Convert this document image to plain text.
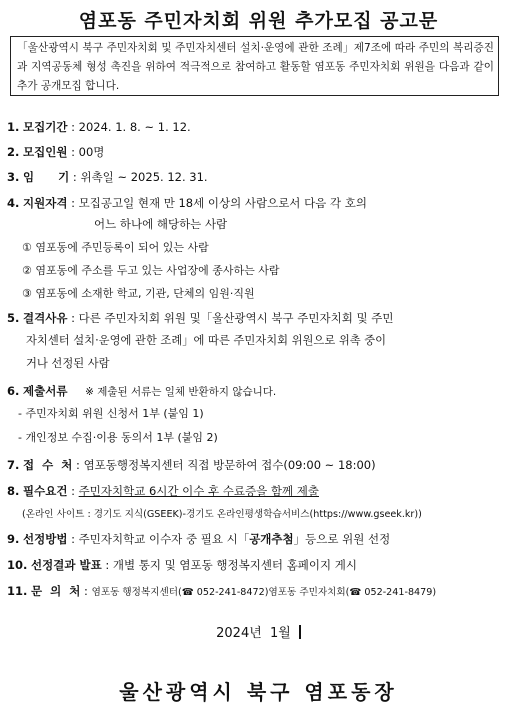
염포동 주민자치회 위원 추가모집 공고문
「울산광역시 북구 주민자치회 및 주민자치센터 설치·운영에 관한 조례」제7조에 따라 주민의 복리증진과 지역공동체 형성 촉진을 위하여 적극적으로 참여하고 활동할 염포동 주민자치회 위원을 다음과 같이 추가 공개모집 합니다.
1. 모집기간 : 2024. 1. 8. ~ 1. 12.
2. 모집인원 : 00명
3. 임      기 : 위촉일 ~ 2025. 12. 31.
4. 지원자격 : 모집공고일 현재 만 18세 이상의 사람으로서 다음 각 호의
어느 하나에 해당하는 사람
① 염포동에 주민등록이 되어 있는 사람
② 염포동에 주소를 두고 있는 사업장에 종사하는 사람
③ 염포동에 소재한 학교, 기관, 단체의 임원·직원
5. 결격사유 : 다른 주민자치회 위원 및「울산광역시 북구 주민자치회 및 주민
자치센터 설치·운영에 관한 조례」에 따른 주민자치회 위원으로 위촉 중이
거나 선정된 사람
6. 제출서류 ※ 제출된 서류는 일체 반환하지 않습니다.
- 주민자치회 위원 신청서 1부 (붙임 1)
- 개인정보 수집·이용 동의서 1부 (붙임 2)
7. 접  수  처 : 염포동행정복지센터 직접 방문하여 접수(09:00 ~ 18:00)
8. 필수요건 : 주민자치학교 6시간 이수 후 수료증을 함께 제출
(온라인 사이트 : 경기도 지식(GSEEK)-경기도 온라인평생학습서비스(https://www.gseek.kr))
9. 선정방법 : 주민자치학교 이수자 중 필요 시「공개추첨」등으로 위원 선정
10. 선정결과 발표 : 개별 통지 및 염포동 행정복지센터 홈페이지 게시
11. 문  의  처 : 염포동 행정복지센터(☎ 052-241-8472)염포동 주민자치회(☎ 052-241-8479)
2024년  1월
울산광역시 북구 염포동장
